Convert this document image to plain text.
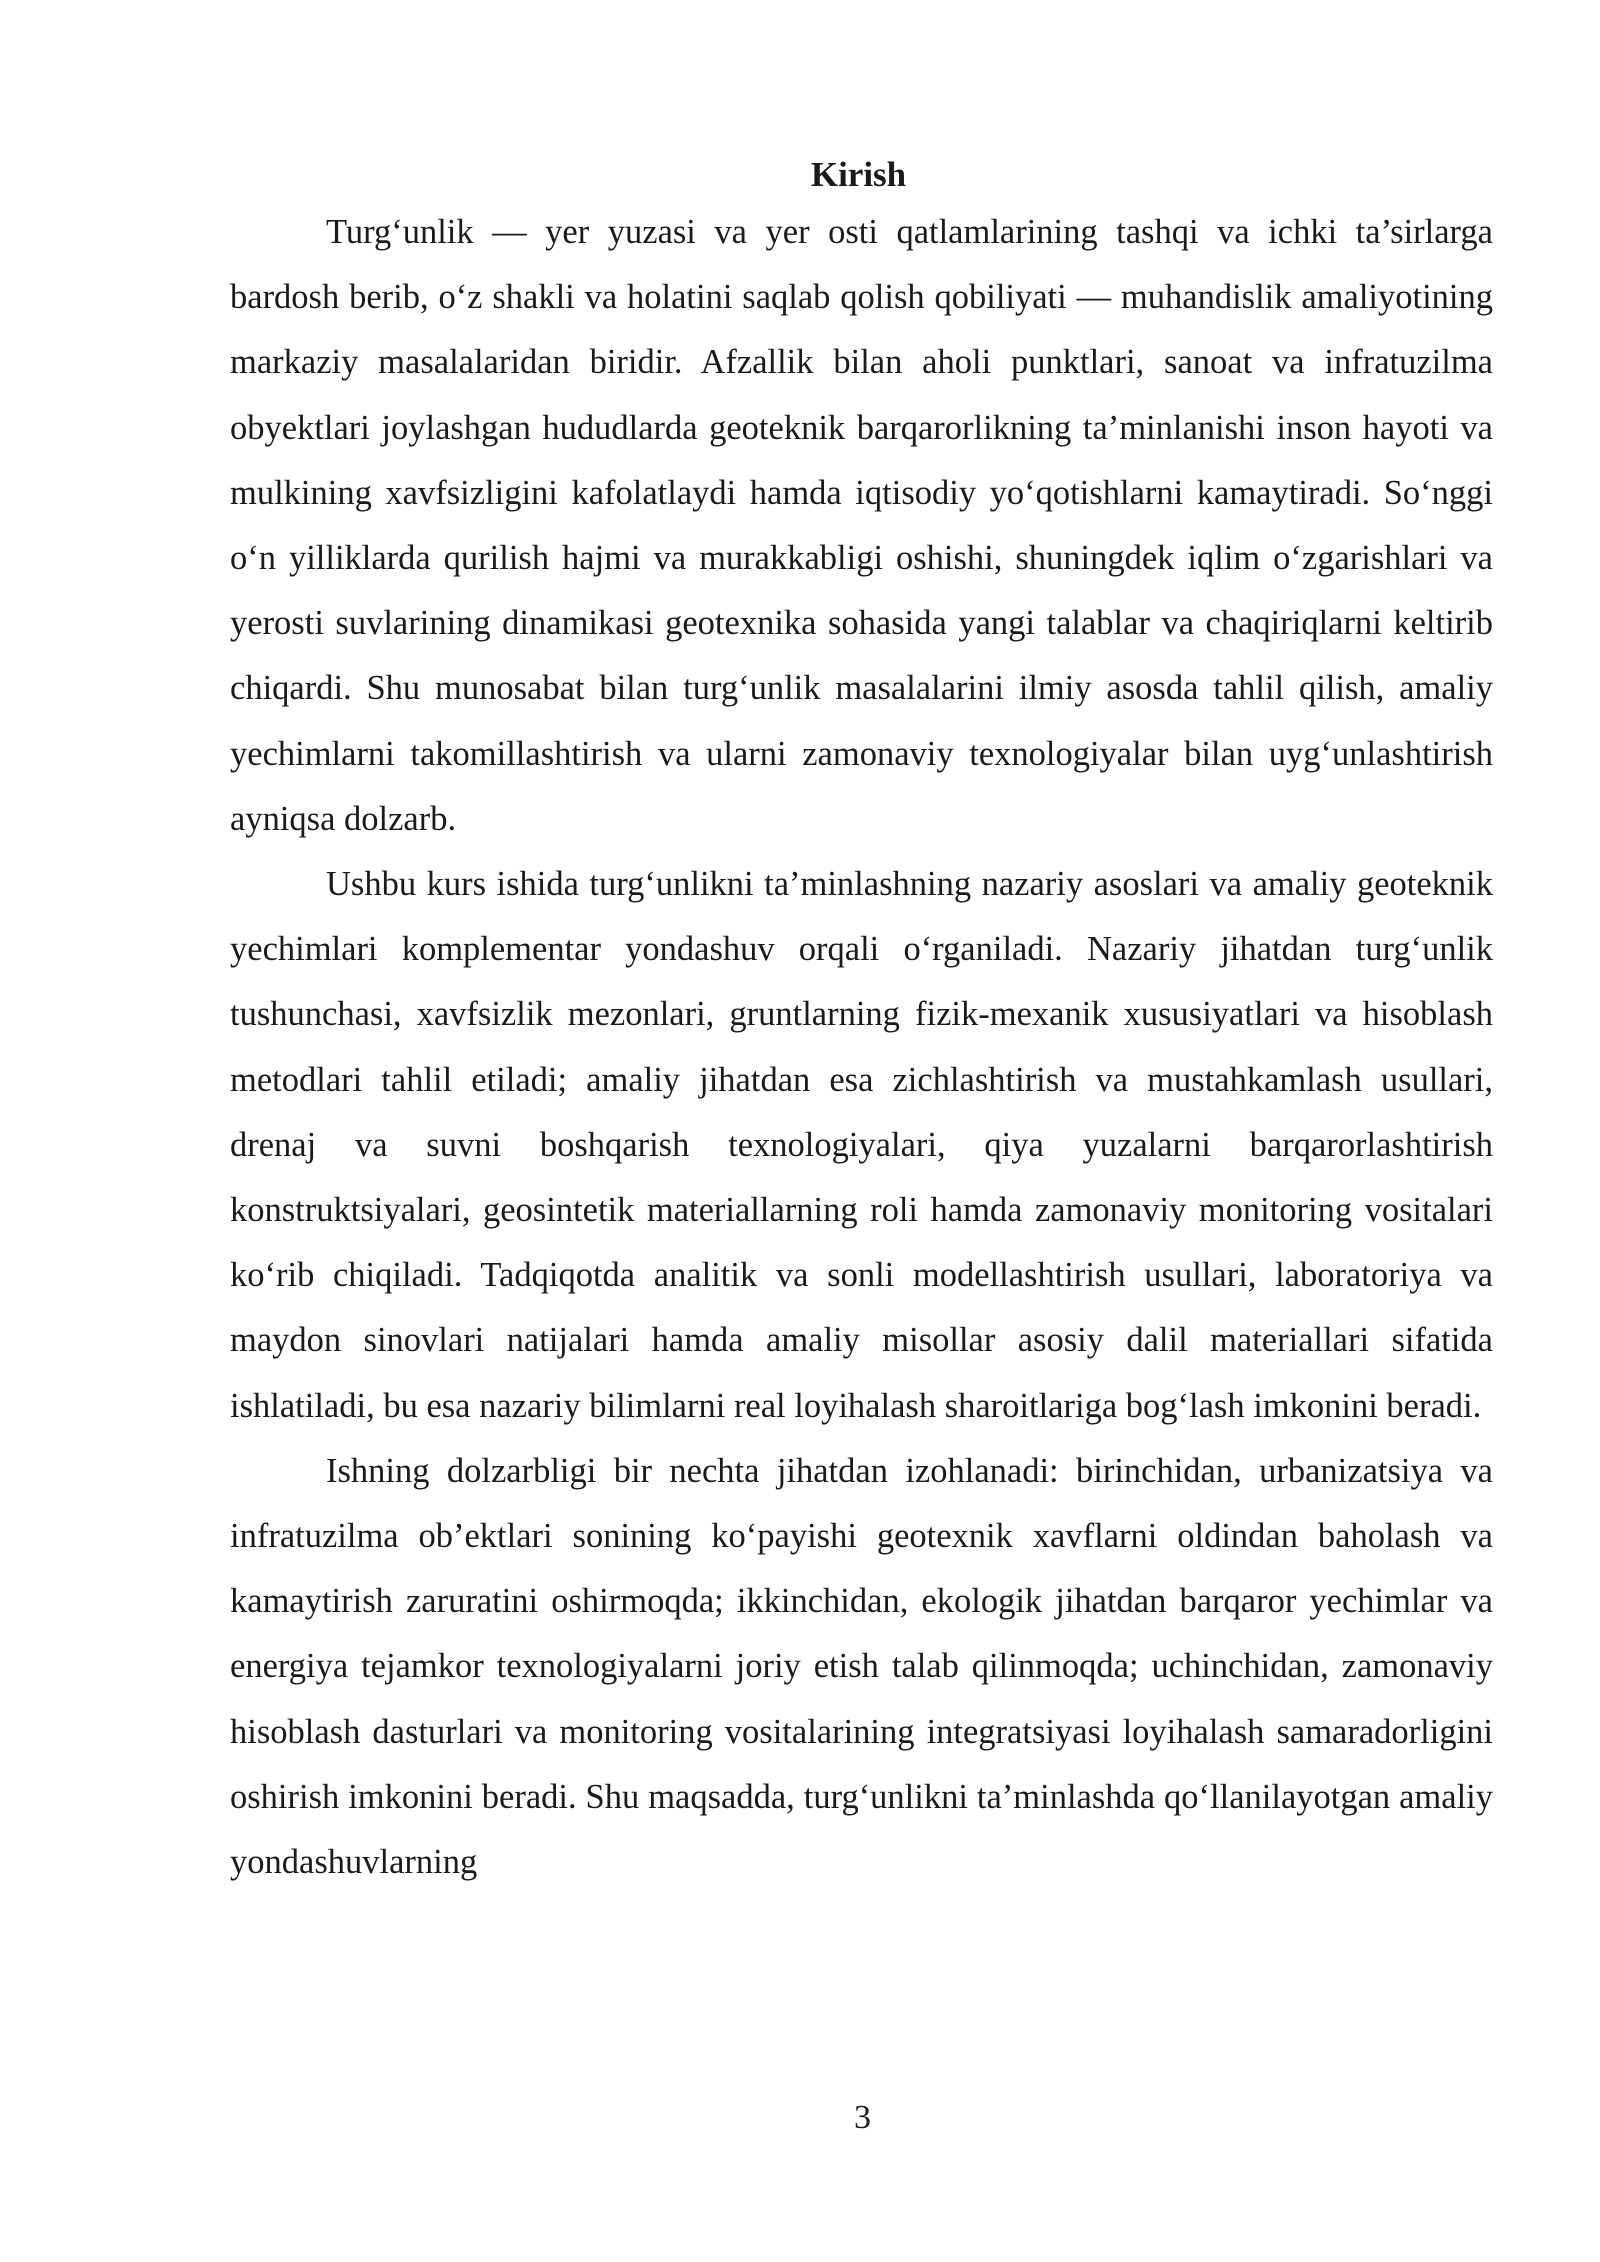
Kirish

Turg‘unlik — yer yuzasi va yer osti qatlamlarining tashqi va ichki ta’sirlarga bardosh berib, o‘z shakli va holatini saqlab qolish qobiliyati — muhandislik amaliyotining markaziy masalalaridan biridir. Afzallik bilan aholi punktlari, sanoat va infratuzilma obyektlari joylashgan hududlarda geoteknik barqarorlikning ta’minlanishi inson hayoti va mulkining xavfsizligini kafolatlaydi hamda iqtisodiy yo‘qotishlarni kamaytiradi. So‘nggi o‘n yilliklarda qurilish hajmi va murakkabligi oshishi, shuningdek iqlim o‘zgarishlari va yerosti suvlarining dinamikasi geotexnika sohasida yangi talablar va chaqiriqlarni keltirib chiqardi. Shu munosabat bilan turg‘unlik masalalarini ilmiy asosda tahlil qilish, amaliy yechimlarni takomillashtirish va ularni zamonaviy texnologiyalar bilan uyg‘unlashtirish ayniqsa dolzarb.

Ushbu kurs ishida turg‘unlikni ta’minlashning nazariy asoslari va amaliy geoteknik yechimlari komplementar yondashuv orqali o‘rganiladi. Nazariy jihatdan turg‘unlik tushunchasi, xavfsizlik mezonlari, gruntlarning fizik-mexanik xususiyatlari va hisoblash metodlari tahlil etiladi; amaliy jihatdan esa zichlashtirish va mustahkamlash usullari, drenaj va suvni boshqarish texnologiyalari, qiya yuzalarni barqarorlashtirish konstruktsiyalari, geosintetik materiallarning roli hamda zamonaviy monitoring vositalari ko‘rib chiqiladi. Tadqiqotda analitik va sonli modellashtirish usullari, laboratoriya va maydon sinovlari natijalari hamda amaliy misollar asosiy dalil materiallari sifatida ishlatiladi, bu esa nazariy bilimlarni real loyihalash sharoitlariga bog‘lash imkonini beradi.

Ishning dolzarbligi bir nechta jihatdan izohlanadi: birinchidan, urbanizatsiya va infratuzilma ob’ektlari sonining ko‘payishi geotexnik xavflarni oldindan baholash va kamaytirish zaruratini oshirmoqda; ikkinchidan, ekologik jihatdan barqaror yechimlar va energiya tejamkor texnologiyalarni joriy etish talab qilinmoqda; uchinchidan, zamonaviy hisoblash dasturlari va monitoring vositalarining integratsiyasi loyihalash samaradorligini oshirish imkonini beradi. Shu maqsadda, turg‘unlikni ta’minlashda qo‘llanilayotgan amaliy yondashuvlarning

3
